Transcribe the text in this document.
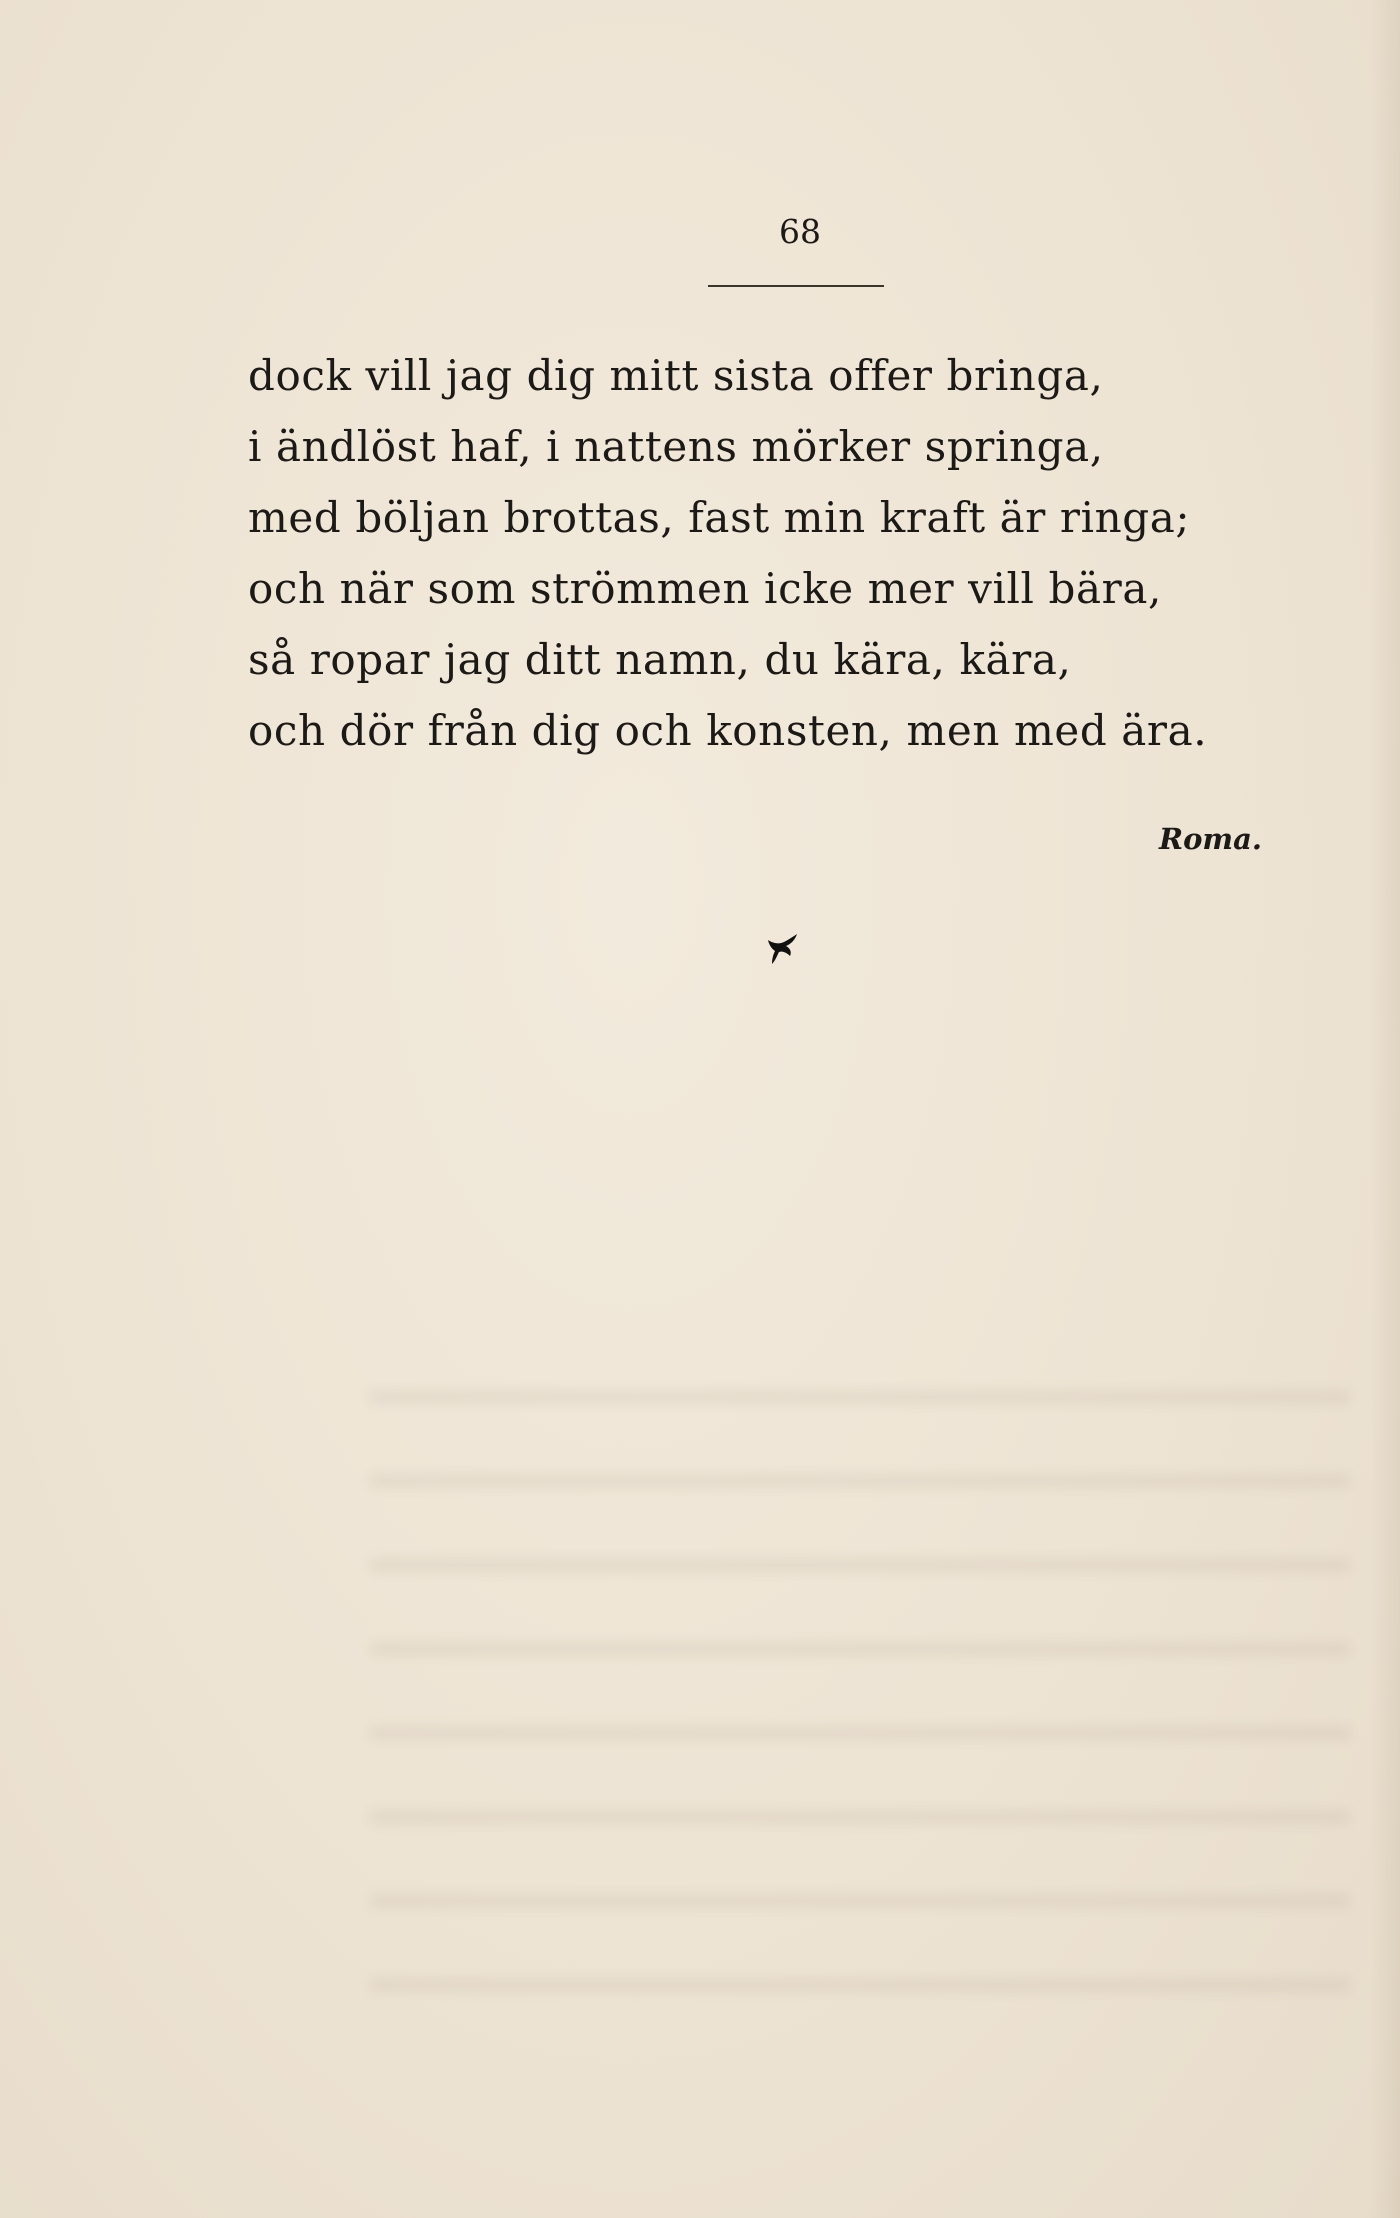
68
dock vill jag dig mitt sista offer bringa,
i ändlöst haf, i nattens mörker springa,
med böljan brottas, fast min kraft är ringa;
och när som strömmen icke mer vill bära,
så ropar jag ditt namn, du kära, kära,
och dör från dig och konsten, men med ära.
Roma.
